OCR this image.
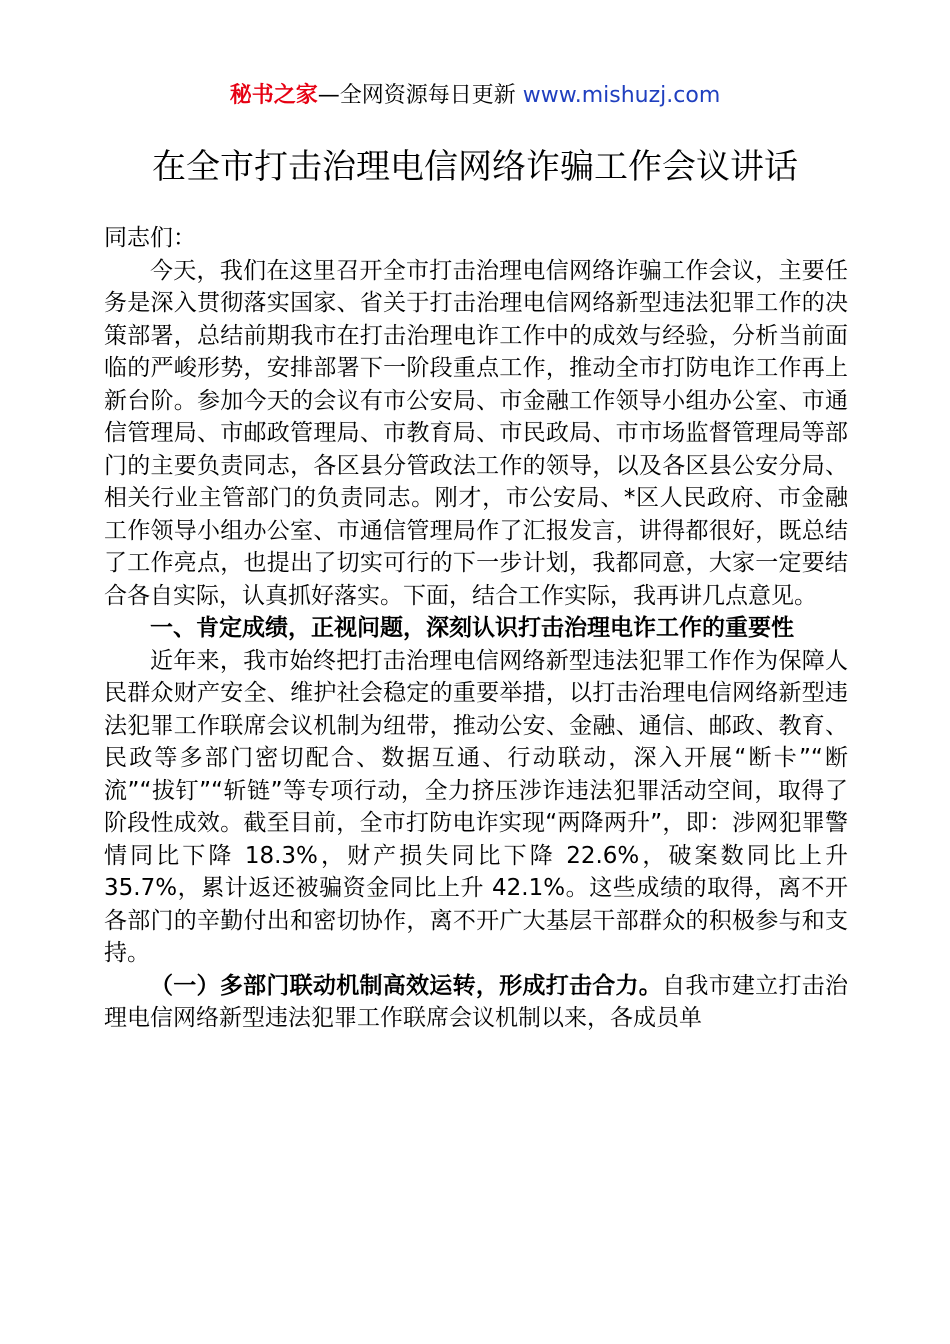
秘书之家—全网资源每日更新 www.mishuzj.com
在全市打击治理电信网络诈骗工作会议讲话

同志们：

今天，我们在这里召开全市打击治理电信网络诈骗工作会议，主要任务是深入贯彻落实国家、省关于打击治理电信网络新型违法犯罪工作的决策部署，总结前期我市在打击治理电诈工作中的成效与经验，分析当前面临的严峻形势，安排部署下一阶段重点工作，推动全市打防电诈工作再上新台阶。参加今天的会议有市公安局、市金融工作领导小组办公室、市通信管理局、市邮政管理局、市教育局、市民政局、市市场监督管理局等部门的主要负责同志，各区县分管政法工作的领导，以及各区县公安分局、相关行业主管部门的负责同志。刚才，市公安局、*区人民政府、市金融工作领导小组办公室、市通信管理局作了汇报发言，讲得都很好，既总结了工作亮点，也提出了切实可行的下一步计划，我都同意，大家一定要结合各自实际，认真抓好落实。下面，结合工作实际，我再讲几点意见。

一、肯定成绩，正视问题，深刻认识打击治理电诈工作的重要性

近年来，我市始终把打击治理电信网络新型违法犯罪工作作为保障人民群众财产安全、维护社会稳定的重要举措，以打击治理电信网络新型违法犯罪工作联席会议机制为纽带，推动公安、金融、通信、邮政、教育、民政等多部门密切配合、数据互通、行动联动，深入开展“断卡”“断流”“拔钉”“斩链”等专项行动，全力挤压涉诈违法犯罪活动空间，取得了阶段性成效。截至目前，全市打防电诈实现“两降两升”，即：涉网犯罪警情同比下降 18.3%，财产损失同比下降 22.6%，破案数同比上升 35.7%，累计返还被骗资金同比上升 42.1%。这些成绩的取得，离不开各部门的辛勤付出和密切协作，离不开广大基层干部群众的积极参与和支持。

（一）多部门联动机制高效运转，形成打击合力。自我市建立打击治理电信网络新型违法犯罪工作联席会议机制以来，各成员单
